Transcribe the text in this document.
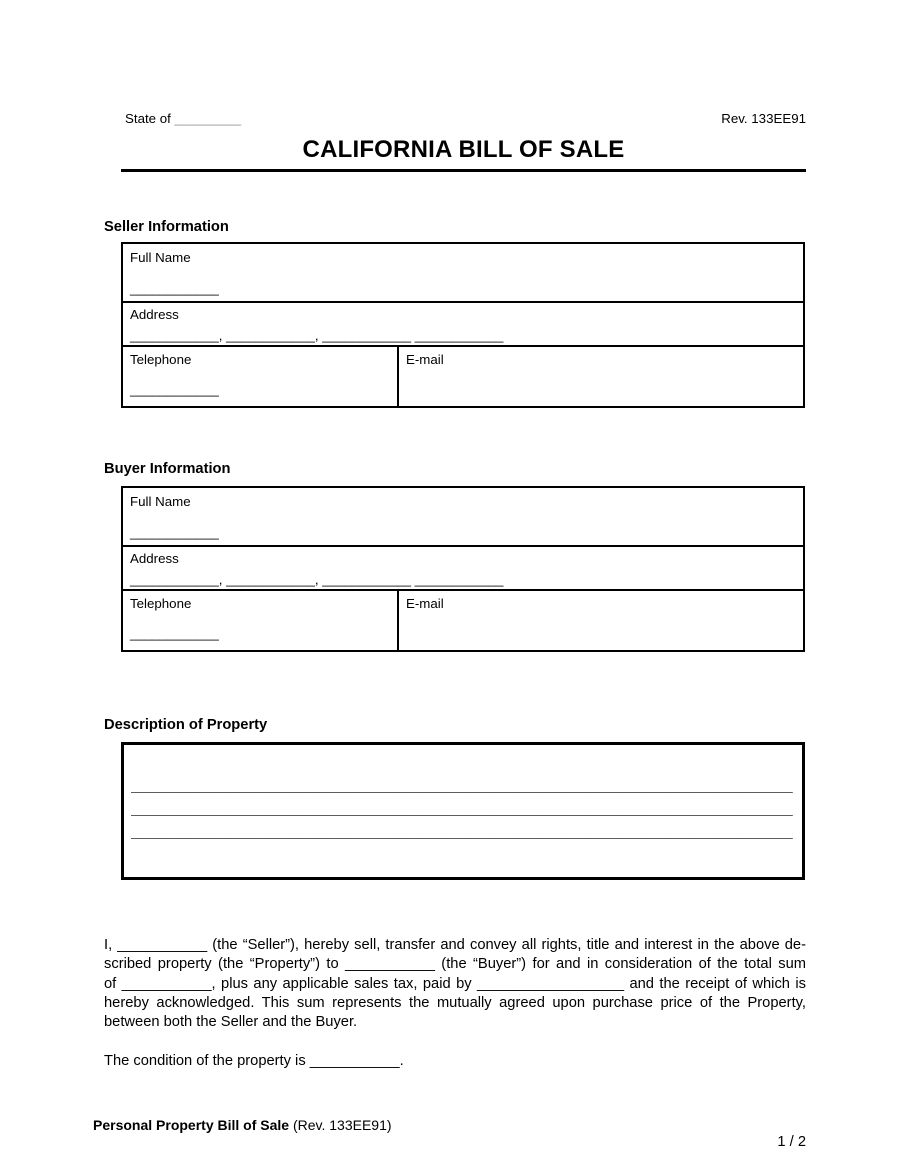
State of _________	Rev. 133EE91
CALIFORNIA BILL OF SALE
Seller Information
Full Name
____________
Address
____________, ____________, ____________ ____________
Telephone
____________
E-mail
Buyer Information
Full Name
____________
Address
____________, ____________, ____________ ____________
Telephone
____________
E-mail
Description of Property
_________________________________________________________________________________
_________________________________________________________________________________
_________________________________________________________________________________
I, ___________ (the “Seller”), hereby sell, transfer and convey all rights, title and interest in the above de-
scribed property (the “Property”) to ___________ (the “Buyer”) for and in consideration of the total sum
of ___________, plus any applicable sales tax, paid by __________________ and the receipt of which is
hereby acknowledged. This sum represents the mutually agreed upon purchase price of the Property,
between both the Seller and the Buyer.
The condition of the property is ___________.
Personal Property Bill of Sale (Rev. 133EE91)
1 / 2
